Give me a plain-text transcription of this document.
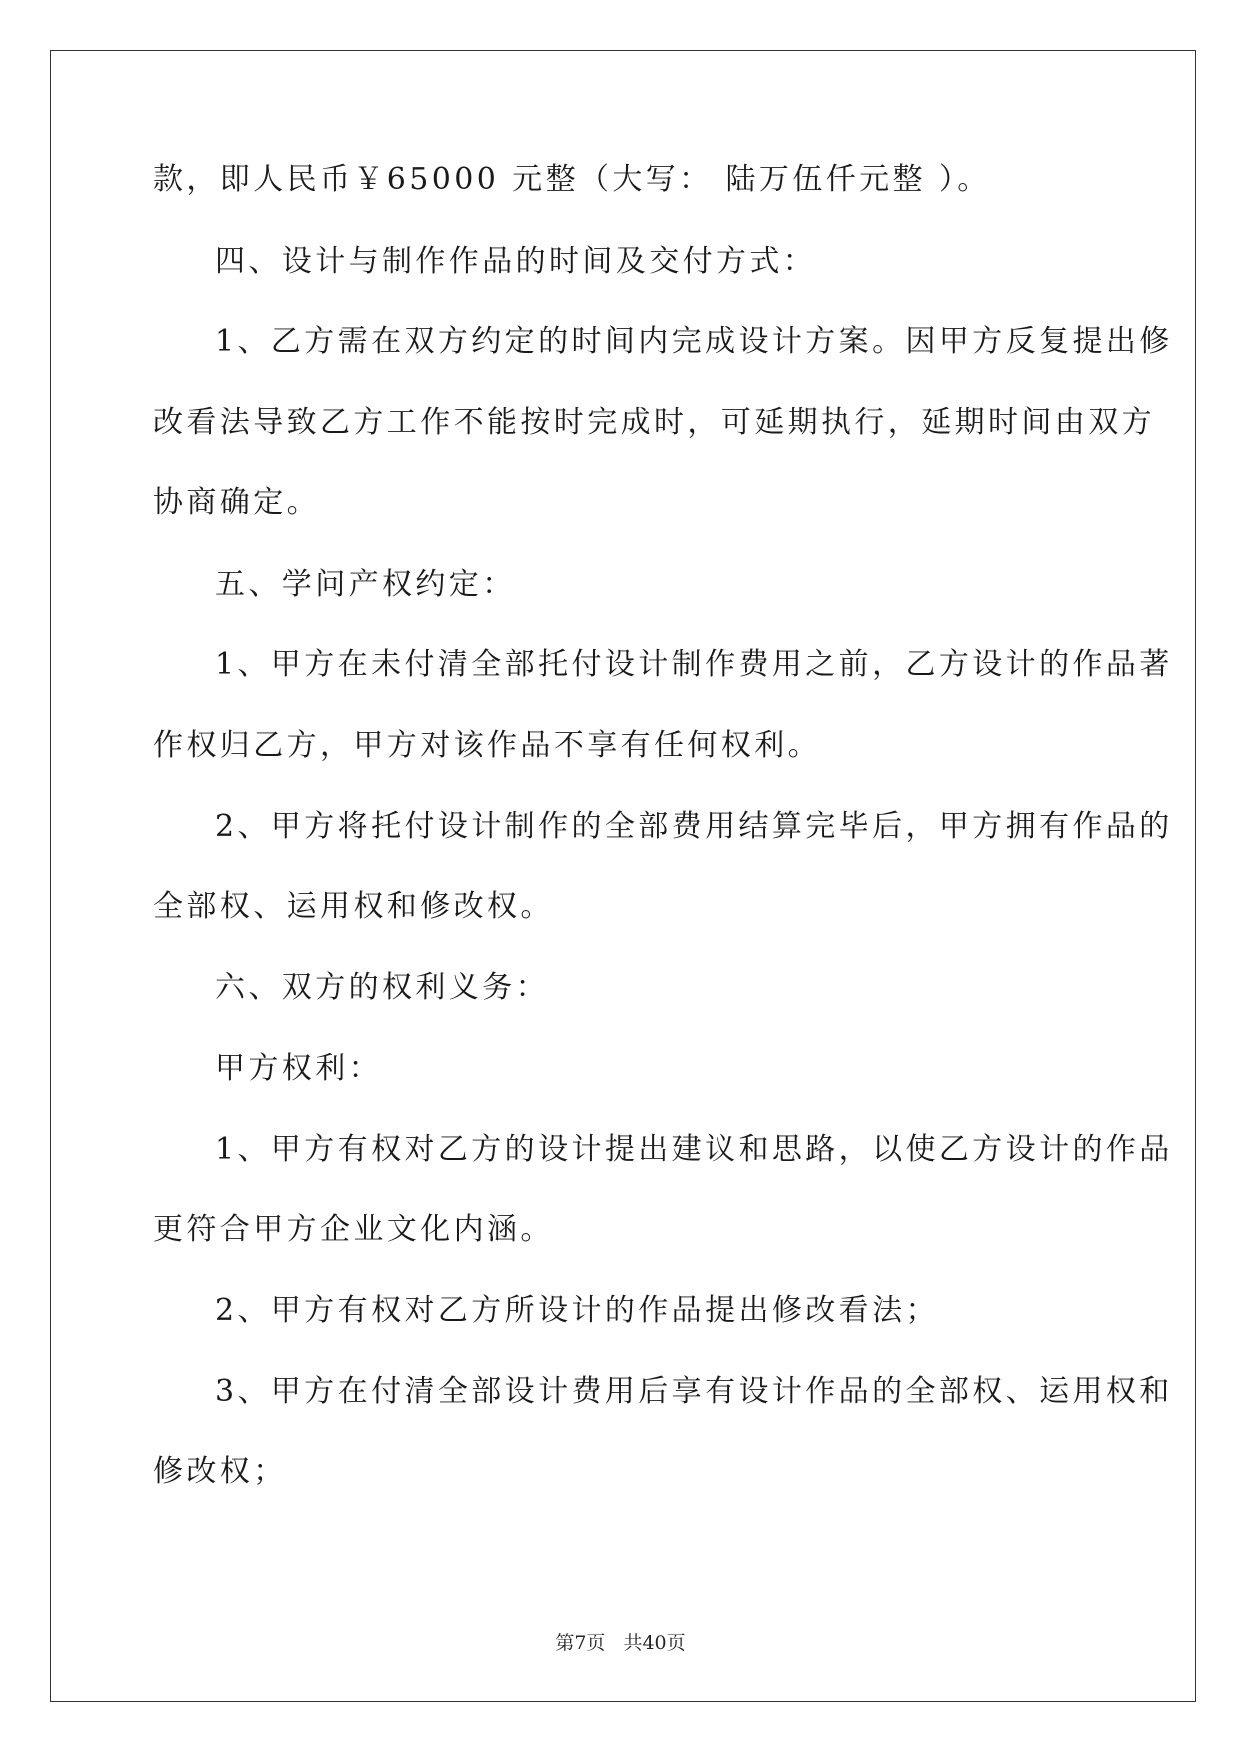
款，即人民币￥65000 元整（大写： 陆万伍仟元整 ）。
四、设计与制作作品的时间及交付方式：
1、乙方需在双方约定的时间内完成设计方案。因甲方反复提出修
改看法导致乙方工作不能按时完成时，可延期执行，延期时间由双方
协商确定。
五、学问产权约定：
1、甲方在未付清全部托付设计制作费用之前，乙方设计的作品著
作权归乙方，甲方对该作品不享有任何权利。
2、甲方将托付设计制作的全部费用结算完毕后，甲方拥有作品的
全部权、运用权和修改权。
六、双方的权利义务：
甲方权利：
1、甲方有权对乙方的设计提出建议和思路，以使乙方设计的作品
更符合甲方企业文化内涵。
2、甲方有权对乙方所设计的作品提出修改看法；
3、甲方在付清全部设计费用后享有设计作品的全部权、运用权和
修改权；
第7页 共40页
